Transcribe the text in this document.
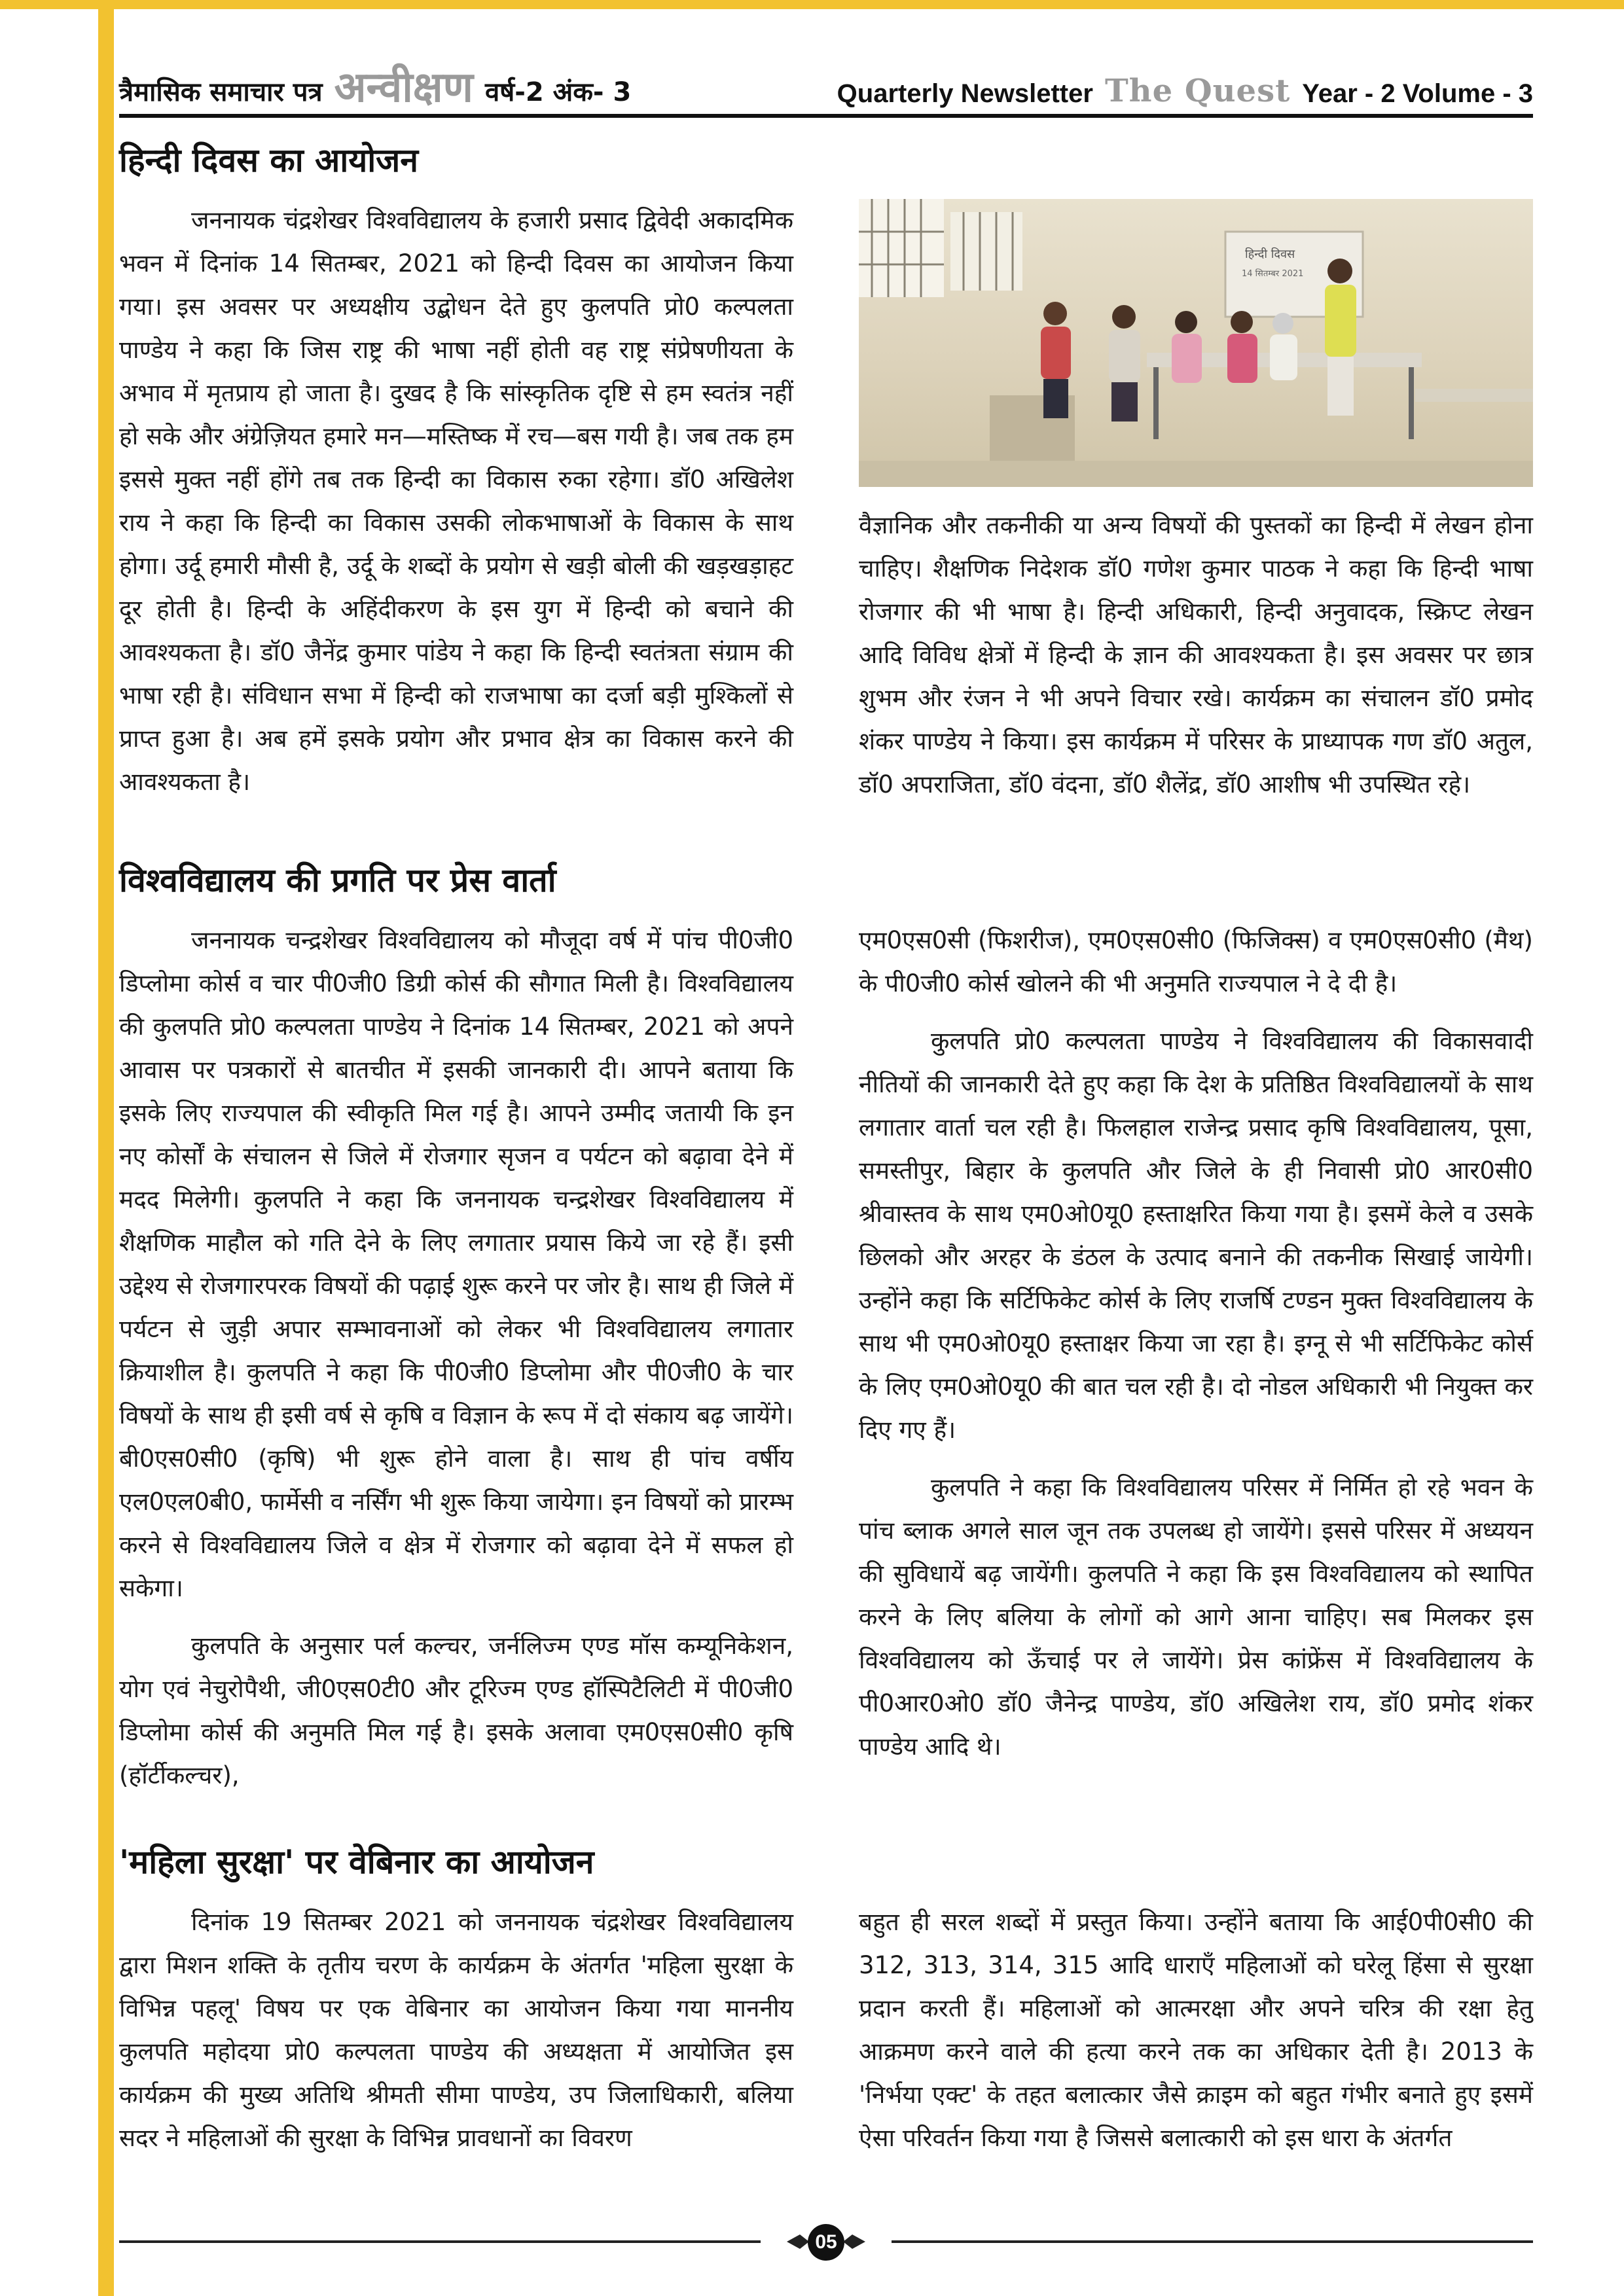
त्रैमासिक समाचार पत्र अन्वीक्षण वर्ष-2 अंक- 3	Quarterly Newsletter The Quest Year - 2 Volume - 3
हिन्दी दिवस का आयोजन

जननायक चंद्रशेखर विश्वविद्यालय के हजारी प्रसाद द्विवेदी अकादमिक भवन में दिनांक 14 सितम्बर, 2021 को हिन्दी दिवस का आयोजन किया गया। इस अवसर पर अध्यक्षीय उद्बोधन देते हुए कुलपति प्रो0 कल्पलता पाण्डेय ने कहा कि जिस राष्ट्र की भाषा नहीं होती वह राष्ट्र संप्रेषणीयता के अभाव में मृतप्राय हो जाता है। दुखद है कि सांस्कृतिक दृष्टि से हम स्वतंत्र नहीं हो सके और अंग्रेज़ियत हमारे मन—मस्तिष्क में रच—बस गयी है। जब तक हम इससे मुक्त नहीं होंगे तब तक हिन्दी का विकास रुका रहेगा। डॉ0 अखिलेश राय ने कहा कि हिन्दी का विकास उसकी लोकभाषाओं के विकास के साथ होगा। उर्दू हमारी मौसी है, उर्दू के शब्दों के प्रयोग से खड़ी बोली की खड़खड़ाहट दूर होती है। हिन्दी के अहिंदीकरण के इस युग में हिन्दी को बचाने की आवश्यकता है। डॉ0 जैनेंद्र कुमार पांडेय ने कहा कि हिन्दी स्वतंत्रता संग्राम की भाषा रही है। संविधान सभा में हिन्दी को राजभाषा का दर्जा बड़ी मुश्किलों से प्राप्त हुआ है। अब हमें इसके प्रयोग और प्रभाव क्षेत्र का विकास करने की आवश्यकता है।

हिन्दी दिवस
14 सितम्बर 2021

वैज्ञानिक और तकनीकी या अन्य विषयों की पुस्तकों का हिन्दी में लेखन होना चाहिए। शैक्षणिक निदेशक डॉ0 गणेश कुमार पाठक ने कहा कि हिन्दी भाषा रोजगार की भी भाषा है। हिन्दी अधिकारी, हिन्दी अनुवादक, स्क्रिप्ट लेखन आदि विविध क्षेत्रों में हिन्दी के ज्ञान की आवश्यकता है। इस अवसर पर छात्र शुभम और रंजन ने भी अपने विचार रखे। कार्यक्रम का संचालन डॉ0 प्रमोद शंकर पाण्डेय ने किया। इस कार्यक्रम में परिसर के प्राध्यापक गण डॉ0 अतुल, डॉ0 अपराजिता, डॉ0 वंदना, डॉ0 शैलेंद्र, डॉ0 आशीष भी उपस्थित रहे।

विश्वविद्यालय की प्रगति पर प्रेस वार्ता

जननायक चन्द्रशेखर विश्वविद्यालय को मौजूदा वर्ष में पांच पी0जी0 डिप्लोमा कोर्स व चार पी0जी0 डिग्री कोर्स की सौगात मिली है। विश्वविद्यालय की कुलपति प्रो0 कल्पलता पाण्डेय ने दिनांक 14 सितम्बर, 2021 को अपने आवास पर पत्रकारों से बातचीत में इसकी जानकारी दी। आपने बताया कि इसके लिए राज्यपाल की स्वीकृति मिल गई है। आपने उम्मीद जतायी कि इन नए कोर्सों के संचालन से जिले में रोजगार सृजन व पर्यटन को बढ़ावा देने में मदद मिलेगी। कुलपति ने कहा कि जननायक चन्द्रशेखर विश्वविद्यालय में शैक्षणिक माहौल को गति देने के लिए लगातार प्रयास किये जा रहे हैं। इसी उद्देश्य से रोजगारपरक विषयों की पढ़ाई शुरू करने पर जोर है। साथ ही जिले में पर्यटन से जुड़ी अपार सम्भावनाओं को लेकर भी विश्वविद्यालय लगातार क्रियाशील है। कुलपति ने कहा कि पी0जी0 डिप्लोमा और पी0जी0 के चार विषयों के साथ ही इसी वर्ष से कृषि व विज्ञान के रूप में दो संकाय बढ़ जायेंगे। बी0एस0सी0 (कृषि) भी शुरू होने वाला है। साथ ही पांच वर्षीय एल0एल0बी0, फार्मेसी व नर्सिंग भी शुरू किया जायेगा। इन विषयों को प्रारम्भ करने से विश्वविद्यालय जिले व क्षेत्र में रोजगार को बढ़ावा देने में सफल हो सकेगा।

कुलपति के अनुसार पर्ल कल्चर, जर्नलिज्म एण्ड मॉस कम्यूनिकेशन, योग एवं नेचुरोपैथी, जी0एस0टी0 और टूरिज्म एण्ड हॉस्पिटैलिटी में पी0जी0 डिप्लोमा कोर्स की अनुमति मिल गई है। इसके अलावा एम0एस0सी0 कृषि (हॉर्टीकल्चर),

एम0एस0सी (फिशरीज), एम0एस0सी0 (फिजिक्स) व एम0एस0सी0 (मैथ) के पी0जी0 कोर्स खोलने की भी अनुमति राज्यपाल ने दे दी है।

कुलपति प्रो0 कल्पलता पाण्डेय ने विश्वविद्यालय की विकासवादी नीतियों की जानकारी देते हुए कहा कि देश के प्रतिष्ठित विश्वविद्यालयों के साथ लगातार वार्ता चल रही है। फिलहाल राजेन्द्र प्रसाद कृषि विश्वविद्यालय, पूसा, समस्तीपुर, बिहार के कुलपति और जिले के ही निवासी प्रो0 आर0सी0 श्रीवास्तव के साथ एम0ओ0यू0 हस्ताक्षरित किया गया है। इसमें केले व उसके छिलको और अरहर के डंठल के उत्पाद बनाने की तकनीक सिखाई जायेगी। उन्होंने कहा कि सर्टिफिकेट कोर्स के लिए राजर्षि टण्डन मुक्त विश्वविद्यालय के साथ भी एम0ओ0यू0 हस्ताक्षर किया जा रहा है। इग्नू से भी सर्टिफिकेट कोर्स के लिए एम0ओ0यू0 की बात चल रही है। दो नोडल अधिकारी भी नियुक्त कर दिए गए हैं।

कुलपति ने कहा कि विश्वविद्यालय परिसर में निर्मित हो रहे भवन के पांच ब्लाक अगले साल जून तक उपलब्ध हो जायेंगे। इससे परिसर में अध्ययन की सुविधायें बढ़ जायेंगी। कुलपति ने कहा कि इस विश्वविद्यालय को स्थापित करने के लिए बलिया के लोगों को आगे आना चाहिए। सब मिलकर इस विश्वविद्यालय को ऊँचाई पर ले जायेंगे। प्रेस कांफ्रेंस में विश्वविद्यालय के पी0आर0ओ0 डॉ0 जैनेन्द्र पाण्डेय, डॉ0 अखिलेश राय, डॉ0 प्रमोद शंकर पाण्डेय आदि थे।

'महिला सुरक्षा' पर वेबिनार का आयोजन

दिनांक 19 सितम्बर 2021 को जननायक चंद्रशेखर विश्वविद्यालय द्वारा मिशन शक्ति के तृतीय चरण के कार्यक्रम के अंतर्गत 'महिला सुरक्षा के विभिन्न पहलू' विषय पर एक वेबिनार का आयोजन किया गया माननीय कुलपति महोदया प्रो0 कल्पलता पाण्डेय की अध्यक्षता में आयोजित इस कार्यक्रम की मुख्य अतिथि श्रीमती सीमा पाण्डेय, उप जिलाधिकारी, बलिया सदर ने महिलाओं की सुरक्षा के विभिन्न प्रावधानों का विवरण

बहुत ही सरल शब्दों में प्रस्तुत किया। उन्होंने बताया कि आई0पी0सी0 की 312, 313, 314, 315 आदि धाराएँ महिलाओं को घरेलू हिंसा से सुरक्षा प्रदान करती हैं। महिलाओं को आत्मरक्षा और अपने चरित्र की रक्षा हेतु आक्रमण करने वाले की हत्या करने तक का अधिकार देती है। 2013 के 'निर्भया एक्ट' के तहत बलात्कार जैसे क्राइम को बहुत गंभीर बनाते हुए इसमें ऐसा परिवर्तन किया गया है जिससे बलात्कारी को इस धारा के अंतर्गत

05
